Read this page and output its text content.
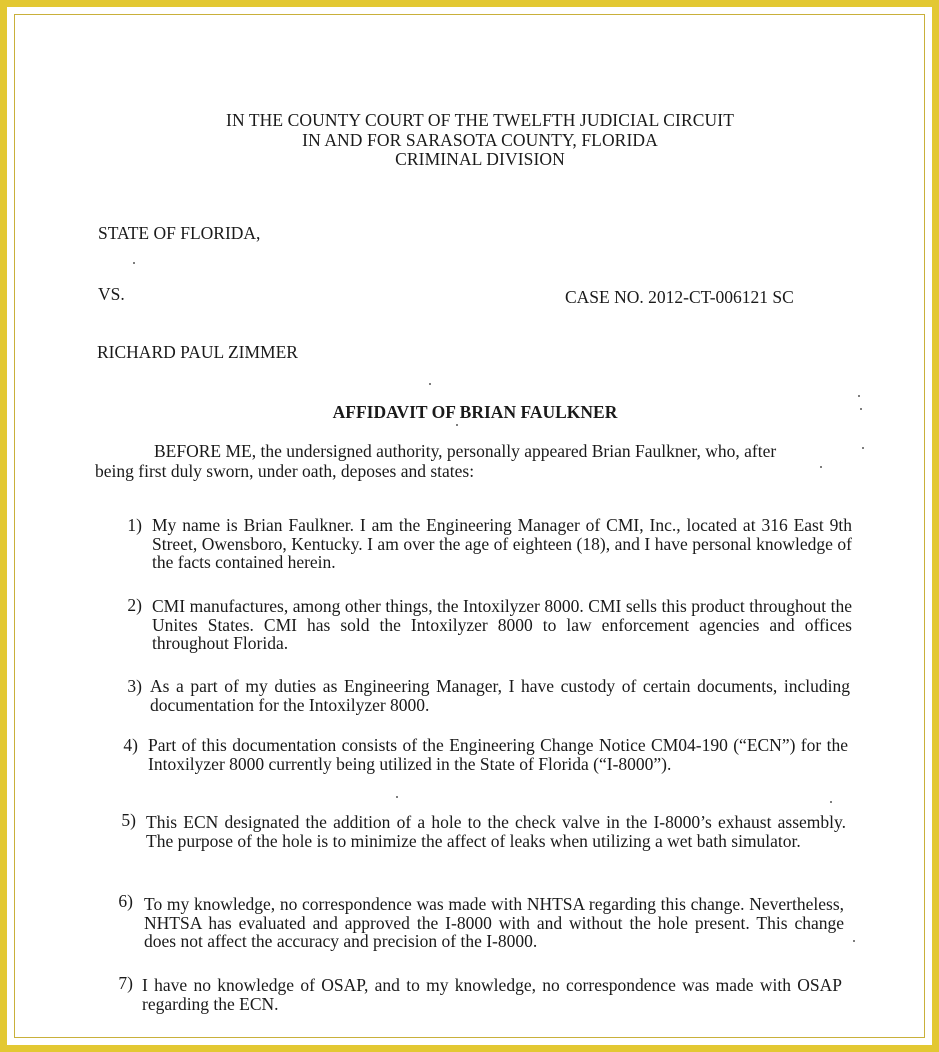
IN THE COUNTY COURT OF THE TWELFTH JUDICIAL CIRCUIT
IN AND FOR SARASOTA COUNTY, FLORIDA
CRIMINAL DIVISION
STATE OF FLORIDA,
VS.	CASE NO. 2012-CT-006121 SC
RICHARD PAUL ZIMMER
AFFIDAVIT OF BRIAN FAULKNER
BEFORE ME, the undersigned authority, personally appeared Brian Faulkner, who, after
being first duly sworn, under oath, deposes and states:
1) My name is Brian Faulkner. I am the Engineering Manager of CMI, Inc., located at 316 East 9th Street, Owensboro, Kentucky. I am over the age of eighteen (18), and I have personal knowledge of the facts contained herein.
2) CMI manufactures, among other things, the Intoxilyzer 8000. CMI sells this product throughout the Unites States. CMI has sold the Intoxilyzer 8000 to law enforcement agencies and offices throughout Florida.
3) As a part of my duties as Engineering Manager, I have custody of certain documents, including documentation for the Intoxilyzer 8000.
4) Part of this documentation consists of the Engineering Change Notice CM04-190 (“ECN”) for the Intoxilyzer 8000 currently being utilized in the State of Florida (“I-8000”).
5) This ECN designated the addition of a hole to the check valve in the I-8000’s exhaust assembly. The purpose of the hole is to minimize the affect of leaks when utilizing a wet bath simulator.
6) To my knowledge, no correspondence was made with NHTSA regarding this change. Nevertheless, NHTSA has evaluated and approved the I-8000 with and without the hole present. This change does not affect the accuracy and precision of the I-8000.
7) I have no knowledge of OSAP, and to my knowledge, no correspondence was made with OSAP regarding the ECN.
